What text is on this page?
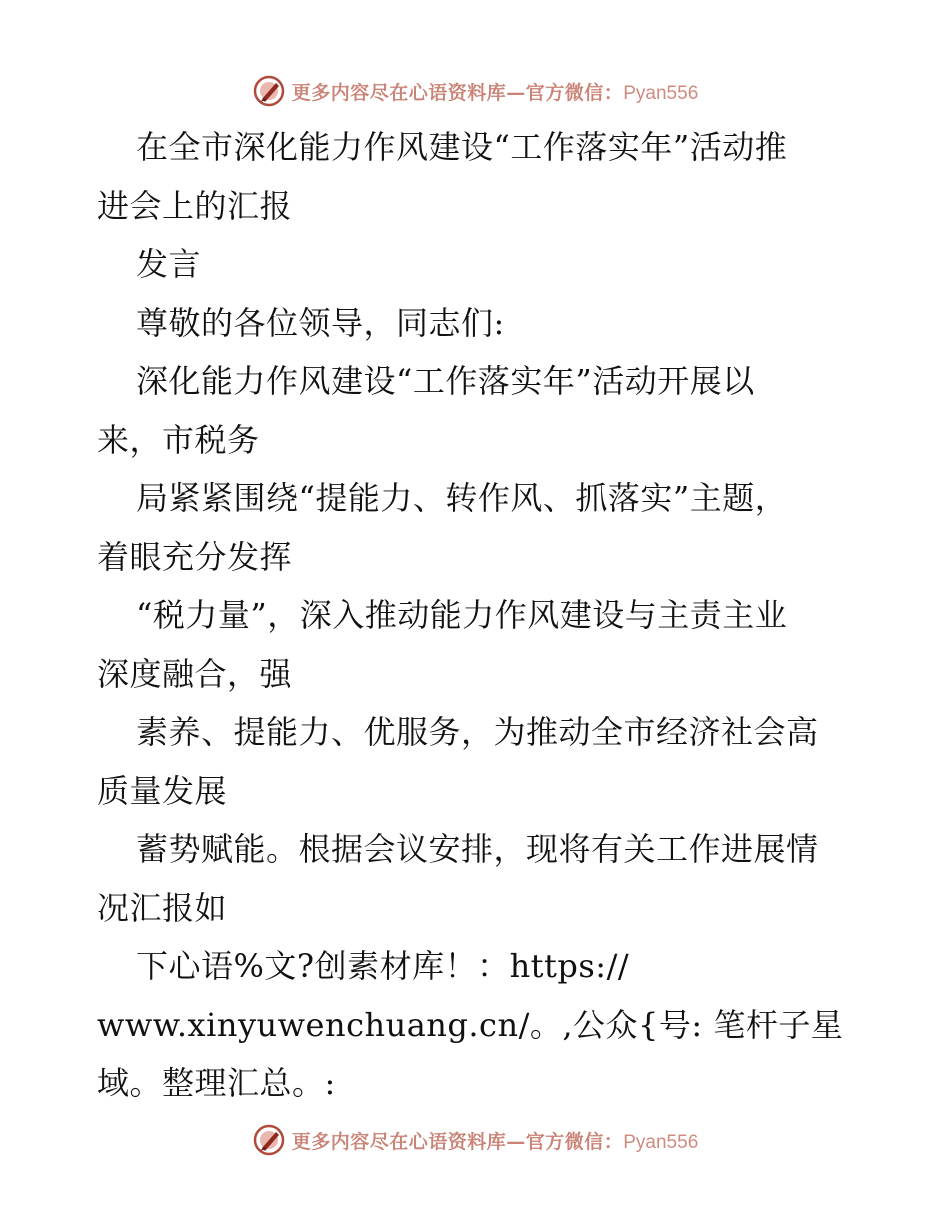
更多内容尽在心语资料库—官方微信：Pyan556
在全市深化能力作风建设“工作落实年”活动推
进会上的汇报
发言
尊敬的各位领导，同志们:
深化能力作风建设“工作落实年”活动开展以
来，市税务
局紧紧围绕“提能力、转作风、抓落实”主题，
着眼充分发挥
“税力量”，深入推动能力作风建设与主责主业
深度融合，强
素养、提能力、优服务，为推动全市经济社会高
质量发展
蓄势赋能。根据会议安排，现将有关工作进展情
况汇报如
下心语%文?创素材库！：https://
www.xinyuwenchuang.cn/。,公众{号: 笔杆子星
域。整理汇总。:
更多内容尽在心语资料库—官方微信：Pyan556
